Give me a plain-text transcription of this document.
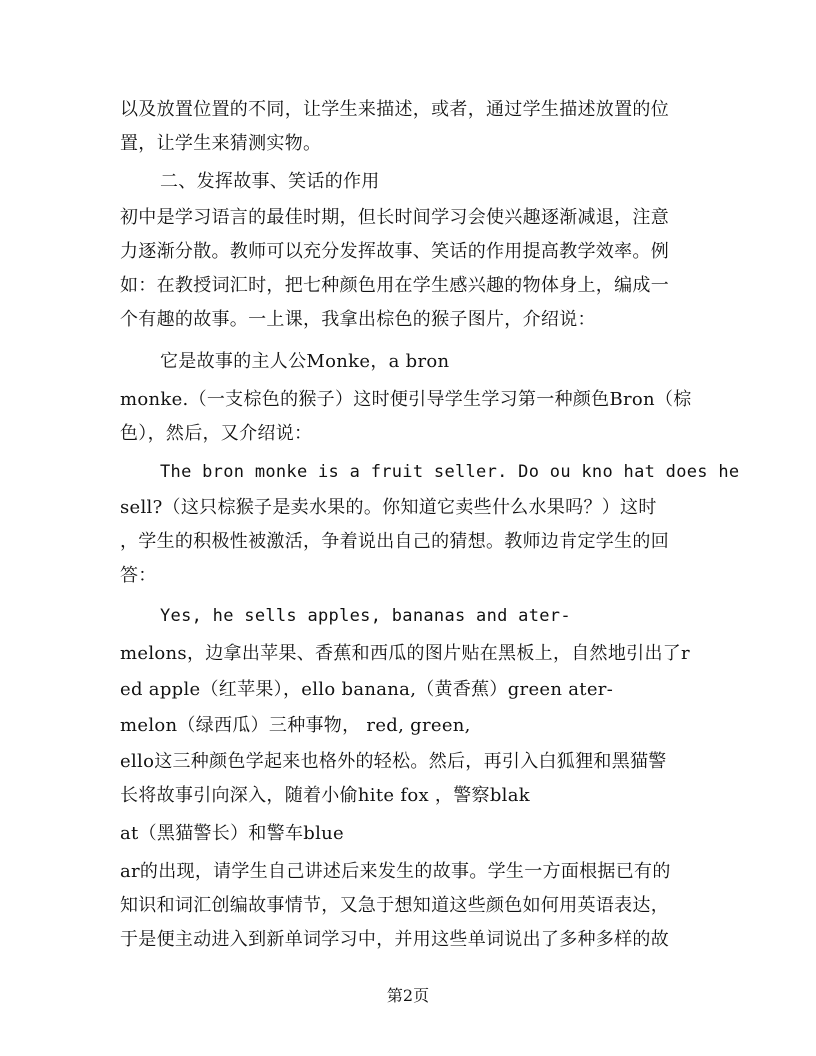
以及放置位置的不同，让学生来描述，或者，通过学生描述放置的位
置，让学生来猜测实物。
二、发挥故事、笑话的作用
初中是学习语言的最佳时期，但长时间学习会使兴趣逐渐减退，注意
力逐渐分散。教师可以充分发挥故事、笑话的作用提高教学效率。例
如：在教授词汇时，把七种颜色用在学生感兴趣的物体身上，编成一
个有趣的故事。一上课，我拿出棕色的猴子图片，介绍说：
它是故事的主人公Monke，a bron
monke.（一支棕色的猴子）这时便引导学生学习第一种颜色Bron（棕
色），然后，又介绍说：
The bron monke is a fruit seller. Do ou kno hat does he
sell?（这只棕猴子是卖水果的。你知道它卖些什么水果吗？）这时
，学生的积极性被激活，争着说出自己的猜想。教师边肯定学生的回
答：
Yes, he sells apples, bananas and ater-
melons，边拿出苹果、香蕉和西瓜的图片贴在黑板上，自然地引出了r
ed apple（红苹果），ello banana,（黄香蕉）green ater-
melon（绿西瓜）三种事物， red, green,
ello这三种颜色学起来也格外的轻松。然后，再引入白狐狸和黑猫警
长将故事引向深入，随着小偷hite fox ，警察blak
at（黑猫警长）和警车blue
ar的出现，请学生自己讲述后来发生的故事。学生一方面根据已有的
知识和词汇创编故事情节，又急于想知道这些颜色如何用英语表达，
于是便主动进入到新单词学习中，并用这些单词说出了多种多样的故
第2页
